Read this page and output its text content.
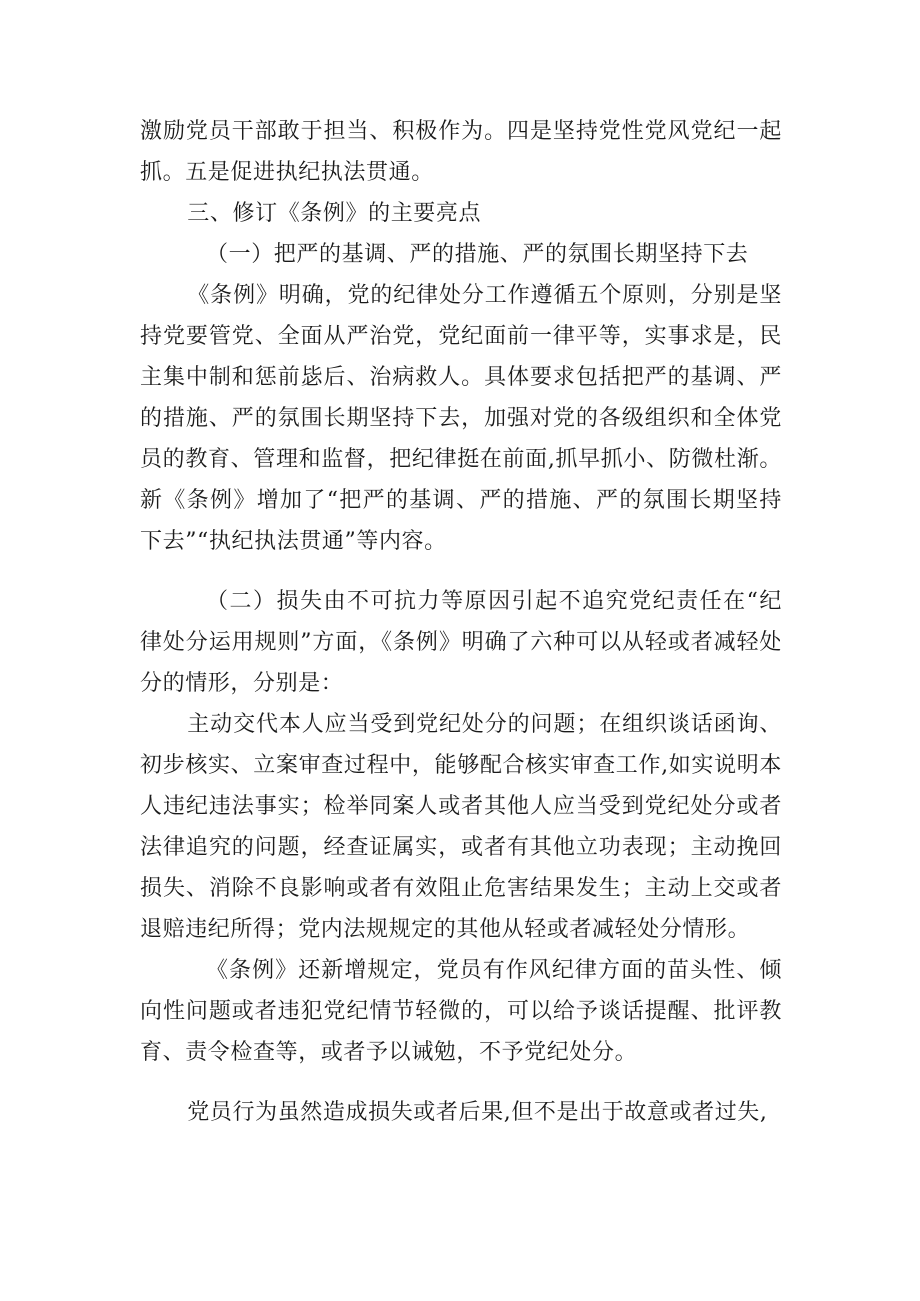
激励党员干部敢于担当、积极作为。四是坚持党性党风党纪一起抓。五是促进执纪执法贯通。

三、修订《条例》的主要亮点

（一）把严的基调、严的措施、严的氛围长期坚持下去

《条例》明确，党的纪律处分工作遵循五个原则，分别是坚持党要管党、全面从严治党，党纪面前一律平等，实事求是，民主集中制和惩前毖后、治病救人。具体要求包括把严的基调、严的措施、严的氛围长期坚持下去，加强对党的各级组织和全体党员的教育、管理和监督，把纪律挺在前面,抓早抓小、防微杜渐。新《条例》增加了“把严的基调、严的措施、严的氛围长期坚持下去”“执纪执法贯通”等内容。

（二）损失由不可抗力等原因引起不追究党纪责任在“纪律处分运用规则”方面，《条例》明确了六种可以从轻或者减轻处分的情形，分别是：

主动交代本人应当受到党纪处分的问题；在组织谈话函询、初步核实、立案审查过程中，能够配合核实审查工作,如实说明本人违纪违法事实；检举同案人或者其他人应当受到党纪处分或者法律追究的问题，经查证属实，或者有其他立功表现；主动挽回损失、消除不良影响或者有效阻止危害结果发生；主动上交或者退赔违纪所得；党内法规规定的其他从轻或者减轻处分情形。

《条例》还新增规定，党员有作风纪律方面的苗头性、倾向性问题或者违犯党纪情节轻微的，可以给予谈话提醒、批评教育、责令检查等，或者予以诫勉，不予党纪处分。

党员行为虽然造成损失或者后果,但不是出于故意或者过失,
